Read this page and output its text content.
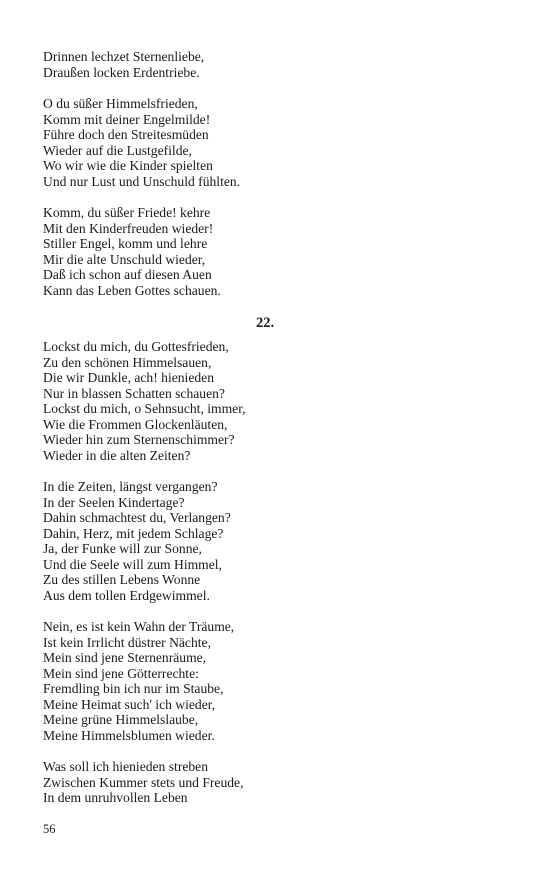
Drinnen lechzet Sternenliebe,
Draußen locken Erdentriebe.
O du süßer Himmelsfrieden,
Komm mit deiner Engelmilde!
Führe doch den Streitesmüden
Wieder auf die Lustgefilde,
Wo wir wie die Kinder spielten
Und nur Lust und Unschuld fühlten.
Komm, du süßer Friede! kehre
Mit den Kinderfreuden wieder!
Stiller Engel, komm und lehre
Mir die alte Unschuld wieder,
Daß ich schon auf diesen Auen
Kann das Leben Gottes schauen.
22.
Lockst du mich, du Gottesfrieden,
Zu den schönen Himmelsauen,
Die wir Dunkle, ach! hienieden
Nur in blassen Schatten schauen?
Lockst du mich, o Sehnsucht, immer,
Wie die Frommen Glockenläuten,
Wieder hin zum Sternenschimmer?
Wieder in die alten Zeiten?
In die Zeiten, längst vergangen?
In der Seelen Kindertage?
Dahin schmachtest du, Verlangen?
Dahin, Herz, mit jedem Schlage?
Ja, der Funke will zur Sonne,
Und die Seele will zum Himmel,
Zu des stillen Lebens Wonne
Aus dem tollen Erdgewimmel.
Nein, es ist kein Wahn der Träume,
Ist kein Irrlicht düstrer Nächte,
Mein sind jene Sternenräume,
Mein sind jene Götterrechte:
Fremdling bin ich nur im Staube,
Meine Heimat such' ich wieder,
Meine grüne Himmelslaube,
Meine Himmelsblumen wieder.
Was soll ich hienieden streben
Zwischen Kummer stets und Freude,
In dem unruhvollen Leben
56
